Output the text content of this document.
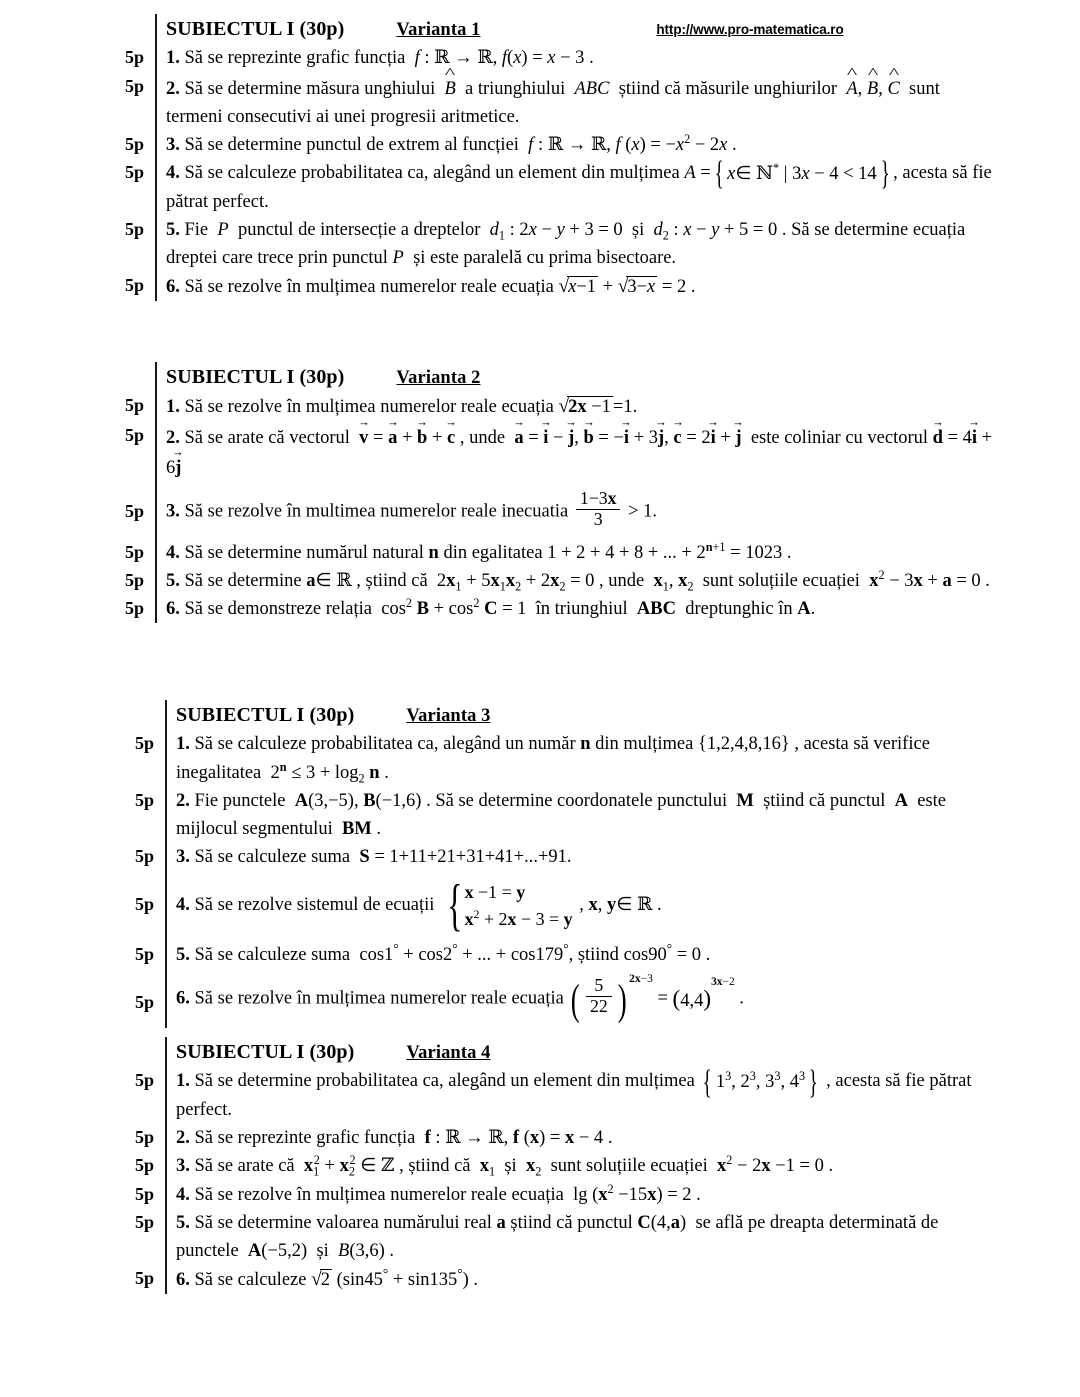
http://www.pro-matematica.ro
SUBIECTUL I (30p)	Varianta 1
5p	1. Să se reprezinte grafic funcția  f : ℝ → ℝ, f(x) = x − 3 .
5p	2. Să se determine măsura unghiului  ^ B  a triunghiului  ABC  știind că măsurile unghiurilor  ^ A, ^ B, ^ C  sunt termeni consecutivi ai unei progresii aritmetice.
5p	3. Să se determine punctul de extrem al funcției  f : ℝ → ℝ, f $(x) = -x^2 - 2x$ .
5p	4. Să se calculeze probabilitatea ca, alegând un element din mulțimea A = { x∈ ℕ* | 3x − 4 < 14 } , acesta să fie pătrat perfect.
5p	5. Fie  P  punctul de intersecție a dreptelor  $d_1$ : 2x − y + 3 = 0  și  $d_2$ : x − y + 5 = 0 . Să se determine ecuația dreptei care trece prin punctul P  și este paralelă cu prima bisectoare.
5p	6. Să se rezolve în mulțimea numerelor reale ecuația √x−1 + √3−x = 2 .
SUBIECTUL I (30p)	Varianta 2
5p	1. Să se rezolve în mulțimea numerelor reale ecuația √2x −1 =1.
5p	2. Să se arate că vectorul  → v = → a + → b + → c , unde  → a = → i − → j, → b = −→ i + 3→ j, → c = 2→ i + → j  este coliniar cu vectorul → d = 4→ i + 6→ j
5p	3. Să se rezolve în multimea numerelor reale inecuatia $\frac{1-3x}{3} > 1$.
5p	4. Să se determine numărul natural n din egalitatea 1 + 2 + 4 + 8 + ... + $2^{n+1} = 1023$ .
5p	5. Să se determine a∈ ℝ , știind că  $2x_1 + 5x_1x_2 + 2x_2 = 0$ , unde  $x_1$, $x_2$  sunt soluțiile ecuației  $x^2 - 3x + a = 0$ .
5p	6. Să se demonstreze relația  $\cos^2 B + \cos^2 C = 1$  în triunghiul  ABC  dreptunghic în A.
SUBIECTUL I (30p)	Varianta 3
5p	1. Să se calculeze probabilitatea ca, alegând un număr n din mulțimea {1,2,4,8,16} , acesta să verifice inegalitatea  $2^n \le 3 + \log_2 n$ .
5p	2. Fie punctele  A(3,−5), B(−1,6) . Să se determine coordonatele punctului  M  știind că punctul  A  este mijlocul segmentului  BM .
5p	3. Să se calculeze suma  S = 1+11+21+31+41+...+91.
5p	4. Să se rezolve sistemul de ecuații { x −1 = y
$x^2 + 2x - 3 = y$
, x, y∈ ℝ .
5p	5. Să se calculeze suma  cos1° + cos2° + ... + cos179°, știind cos90° = 0 .
5p	6. Să se rezolve în mulțimea numerelor reale ecuația ( $\frac{5}{22}$ ) $^{2x-3} = (4,4)^{3x-2}$ .
SUBIECTUL I (30p)	Varianta 4
5p	1. Să se determine probabilitatea ca, alegând un element din mulțimea { $1^3$, $2^3$, $3^3$, $4^3$ } , acesta să fie pătrat perfect.
5p	2. Să se reprezinte grafic funcția  f : ℝ → ℝ, f (x) = x − 4 .
5p	3. Să se arate că  $x_1^2 + x_2^2$ ∈ ℤ , știind că  $x_1$  și  $x_2$  sunt soluțiile ecuației  $x^2 - 2x -1 = 0$ .
5p	4. Să se rezolve în mulțimea numerelor reale ecuația  $\lg (x^2 -15x) = 2$ .
5p	5. Să se determine valoarea numărului real a știind că punctul C(4,a)  se află pe dreapta determinată de punctele  A(−5,2)  și  B(3,6) .
5p	6. Să se calculeze √2 (sin45° + sin135°) .
